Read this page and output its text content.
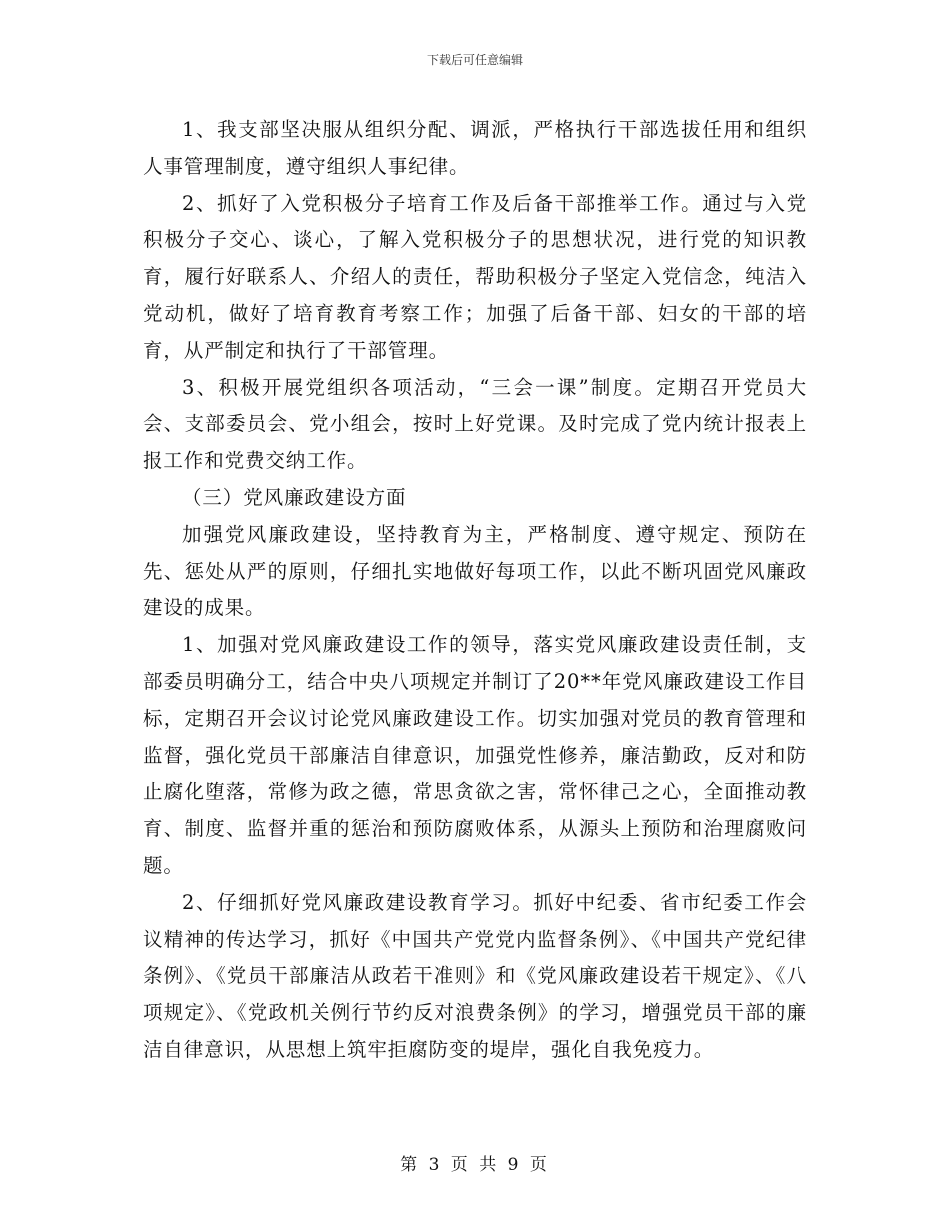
下载后可任意编辑

1、我支部坚决服从组织分配、调派，严格执行干部选拔任用和组织人事管理制度，遵守组织人事纪律。

2、抓好了入党积极分子培育工作及后备干部推举工作。通过与入党积极分子交心、谈心，了解入党积极分子的思想状况，进行党的知识教育，履行好联系人、介绍人的责任，帮助积极分子坚定入党信念，纯洁入党动机，做好了培育教育考察工作；加强了后备干部、妇女的干部的培育，从严制定和执行了干部管理。

3、积极开展党组织各项活动，“三会一课”制度。定期召开党员大会、支部委员会、党小组会，按时上好党课。及时完成了党内统计报表上报工作和党费交纳工作。

（三）党风廉政建设方面

加强党风廉政建设，坚持教育为主，严格制度、遵守规定、预防在先、惩处从严的原则，仔细扎实地做好每项工作，以此不断巩固党风廉政建设的成果。

1、加强对党风廉政建设工作的领导，落实党风廉政建设责任制，支部委员明确分工，结合中央八项规定并制订了20**年党风廉政建设工作目标，定期召开会议讨论党风廉政建设工作。切实加强对党员的教育管理和监督，强化党员干部廉洁自律意识，加强党性修养，廉洁勤政，反对和防止腐化堕落，常修为政之德，常思贪欲之害，常怀律己之心，全面推动教育、制度、监督并重的惩治和预防腐败体系，从源头上预防和治理腐败问题。

2、仔细抓好党风廉政建设教育学习。抓好中纪委、省市纪委工作会议精神的传达学习，抓好《中国共产党党内监督条例》、《中国共产党纪律条例》、《党员干部廉洁从政若干准则》和《党风廉政建设若干规定》、《八项规定》、《党政机关例行节约反对浪费条例》的学习，增强党员干部的廉洁自律意识，从思想上筑牢拒腐防变的堤岸，强化自我免疫力。

第 3 页 共 9 页
